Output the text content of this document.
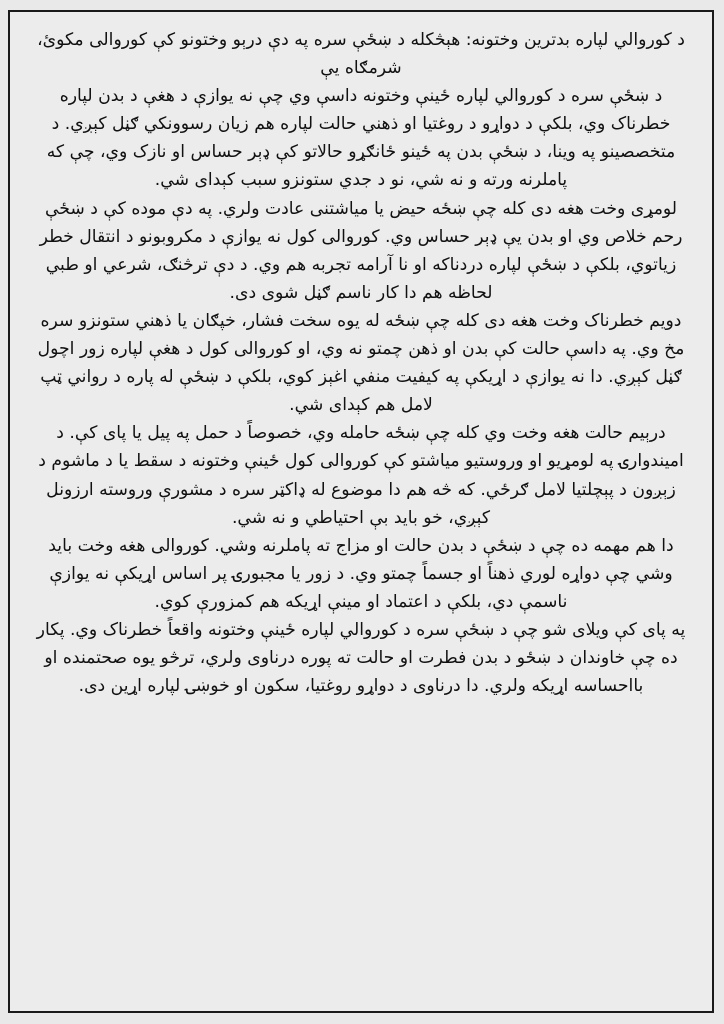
د کوروالي لپاره بدترين وختونه: هېڅکله د ښځې سره په دې درېو وختونو کې کوروالی مکوئ، شرمګاه يې

د ښځې سره د کوروالي لپاره ځينې وختونه داسې وي چې نه يوازې د هغې د بدن لپاره خطرناک وي، بلکې د دواړو د روغتيا او ذهني حالت لپاره هم زيان رسوونکي ګڼل کېږي. د متخصصينو په وينا، د ښځې بدن په ځينو ځانګړو حالاتو کې ډېر حساس او نازک وي، چې که پاملرنه ورته و نه شي، نو د جدي ستونزو سبب کېدای شي.

لومړی وخت هغه دی کله چې ښځه حيض يا مياشتنی عادت ولري. په دې موده کې د ښځې رحم خلاص وي او بدن يې ډېر حساس وي. کوروالی کول نه يوازې د مکروبونو د انتقال خطر زياتوي، بلکې د ښځې لپاره دردناکه او نا آرامه تجربه هم وي. د دې ترڅنګ، شرعي او طبي لحاظه هم دا کار ناسم ګڼل شوی دی.

دويم خطرناک وخت هغه دی کله چې ښځه له يوه سخت فشار، خپګان يا ذهني ستونزو سره مخ وي. په داسې حالت کې بدن او ذهن چمتو نه وي، او کوروالی کول د هغې لپاره زور اچول ګڼل کېږي. دا نه يوازې د اړيکې په کيفيت منفي اغېز کوي، بلکې د ښځې له پاره د رواني ټپ لامل هم کېدای شي.

درېيم حالت هغه وخت وي کله چې ښځه حامله وي، خصوصاً د حمل په پيل يا پای کې. د اميندوارۍ په لومړيو او وروستيو مياشتو کې کوروالی کول ځينې وختونه د سقط يا د ماشوم د زېږون د پېچلتيا لامل ګرځي. که څه هم دا موضوع له ډاکټر سره د مشورې وروسته ارزونل کېږي، خو بايد بې احتياطي و نه شي.

دا هم مهمه ده چې د ښځې د بدن حالت او مزاج ته پاملرنه وشي. کوروالی هغه وخت بايد وشي چې دواړه لوري ذهناً او جسماً چمتو وي. د زور يا مجبورۍ پر اساس اړيکې نه يوازې ناسمې دي، بلکې د اعتماد او مينې اړيکه هم کمزورې کوي.

په پای کې ويلای شو چې د ښځې سره د کوروالي لپاره ځينې وختونه واقعاً خطرناک وي. پکار ده چې خاوندان د ښځو د بدن فطرت او حالت ته پوره درناوی ولري، ترڅو يوه صحتمنده او بااحساسه اړيکه ولري. دا درناوی د دواړو روغتيا، سکون او خوښۍ لپاره اړين دی.
